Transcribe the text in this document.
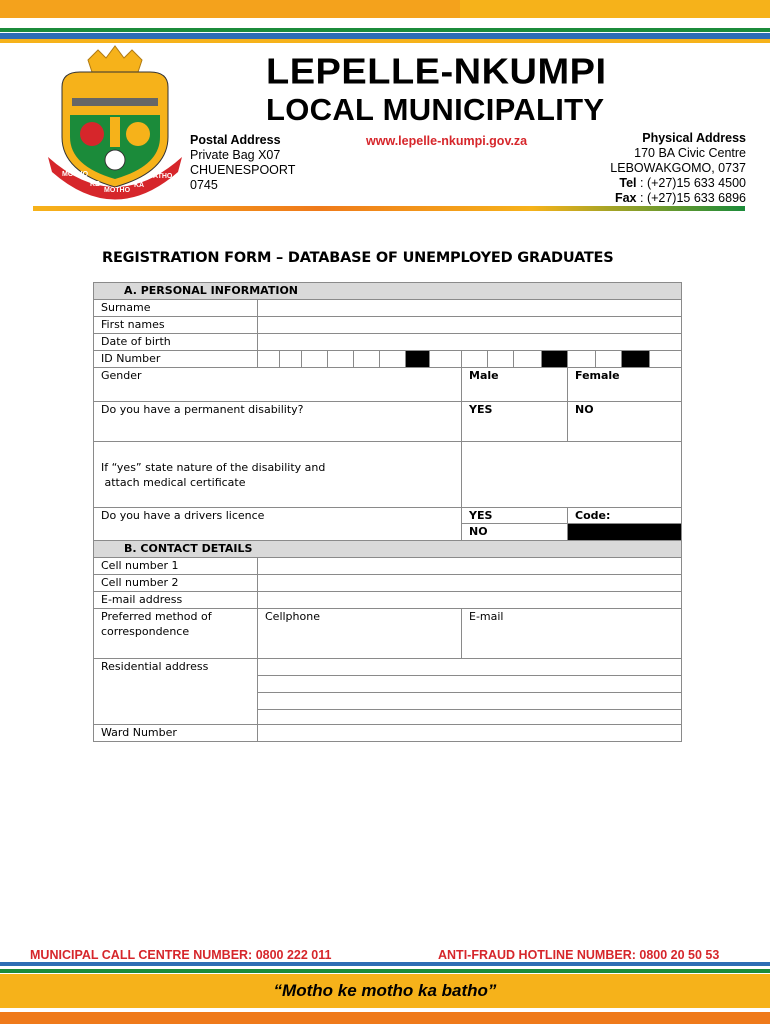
MOTHO
KE
MOTHO
KA
BATHO
LEPELLE-NKUMPI
LOCAL MUNICIPALITY
Postal Address
Private Bag X07
CHUENESPOORT
0745
www.lepelle-nkumpi.gov.za	Physical Address
170 BA Civic Centre
LEBOWAKGOMO, 0737
Tel : (+27)15 633 4500
Fax : (+27)15 633 6896
REGISTRATION FORM – DATABASE OF UNEMPLOYED GRADUATES
A. PERSONAL INFORMATION																
Surname																
First names																
Date of birth																
ID Number																
Gender									Male				Female			
Do you have a permanent disability?									YES				NO			

If “yes” state nature of the disability and
attach medical certificate																

Do you have a drivers licence									YES				Code:			
									NO							
B. CONTACT DETAILS																
Cell number 1																
Cell number 2																
E-mail address																

Preferred method of
correspondence	Cellphone								E-mail							
Residential address																

Ward Number																
MUNICIPAL CALL CENTRE NUMBER: 0800 222 011	ANTI-FRAUD HOTLINE NUMBER: 0800 20 50 53
“Motho ke motho ka batho”
